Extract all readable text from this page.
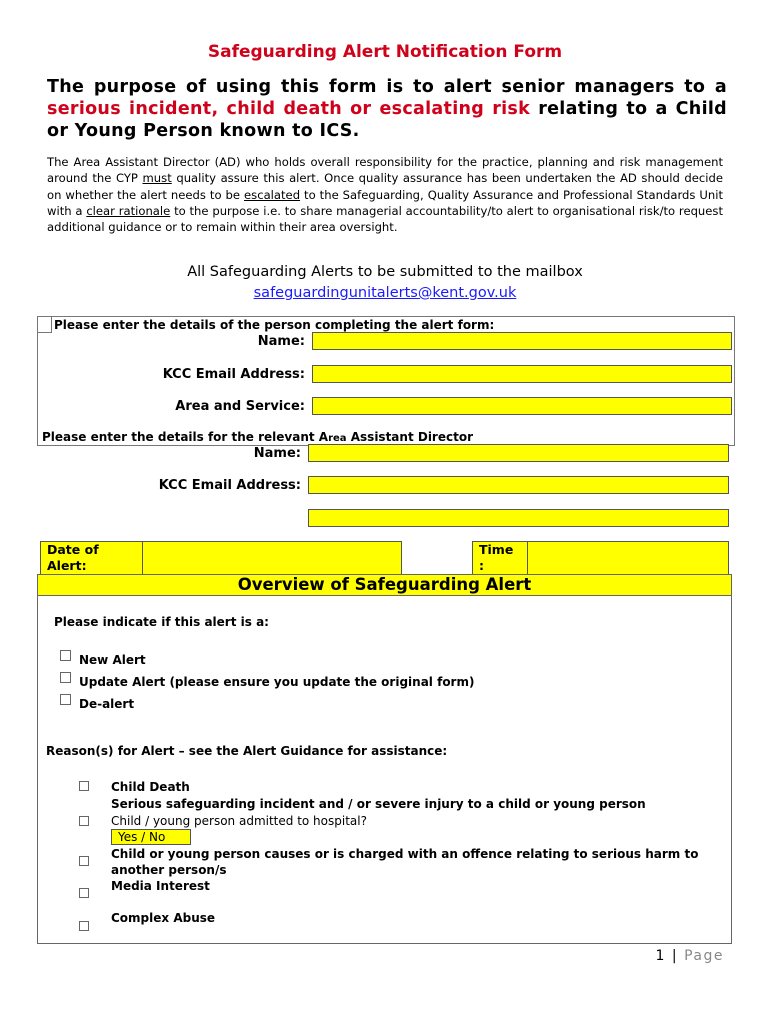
Safeguarding Alert Notification Form
The purpose of using this form is to alert senior managers to a serious incident, child death or escalating risk relating to a Child or Young Person known to ICS.
The Area Assistant Director (AD) who holds overall responsibility for the practice, planning and risk management around the CYP must quality assure this alert. Once quality assurance has been undertaken the AD should decide on whether the alert needs to be escalated to the Safeguarding, Quality Assurance and Professional Standards Unit with a clear rationale to the purpose i.e. to share managerial accountability/to alert to organisational risk/to request additional guidance or to remain within their area oversight.
All Safeguarding Alerts to be submitted to the mailbox
safeguardingunitalerts@kent.gov.uk
Please enter the details of the person completing the alert form:
Name:
KCC Email Address:
Area and Service:
Please enter the details for the relevant Area Assistant Director
Name:
KCC Email Address:
Date of Alert:
Time :
Overview of Safeguarding Alert
Please indicate if this alert is a:
New Alert
Update Alert (please ensure you update the original form)
De-alert
Reason(s) for Alert – see the Alert Guidance for assistance:
Child Death
Serious safeguarding incident and / or severe injury to a child or young person
Child / young person admitted to hospital?
Yes / No
Child or young person causes or is charged with an offence relating to serious harm to another person/s
Media Interest
Complex Abuse
1 | Page
